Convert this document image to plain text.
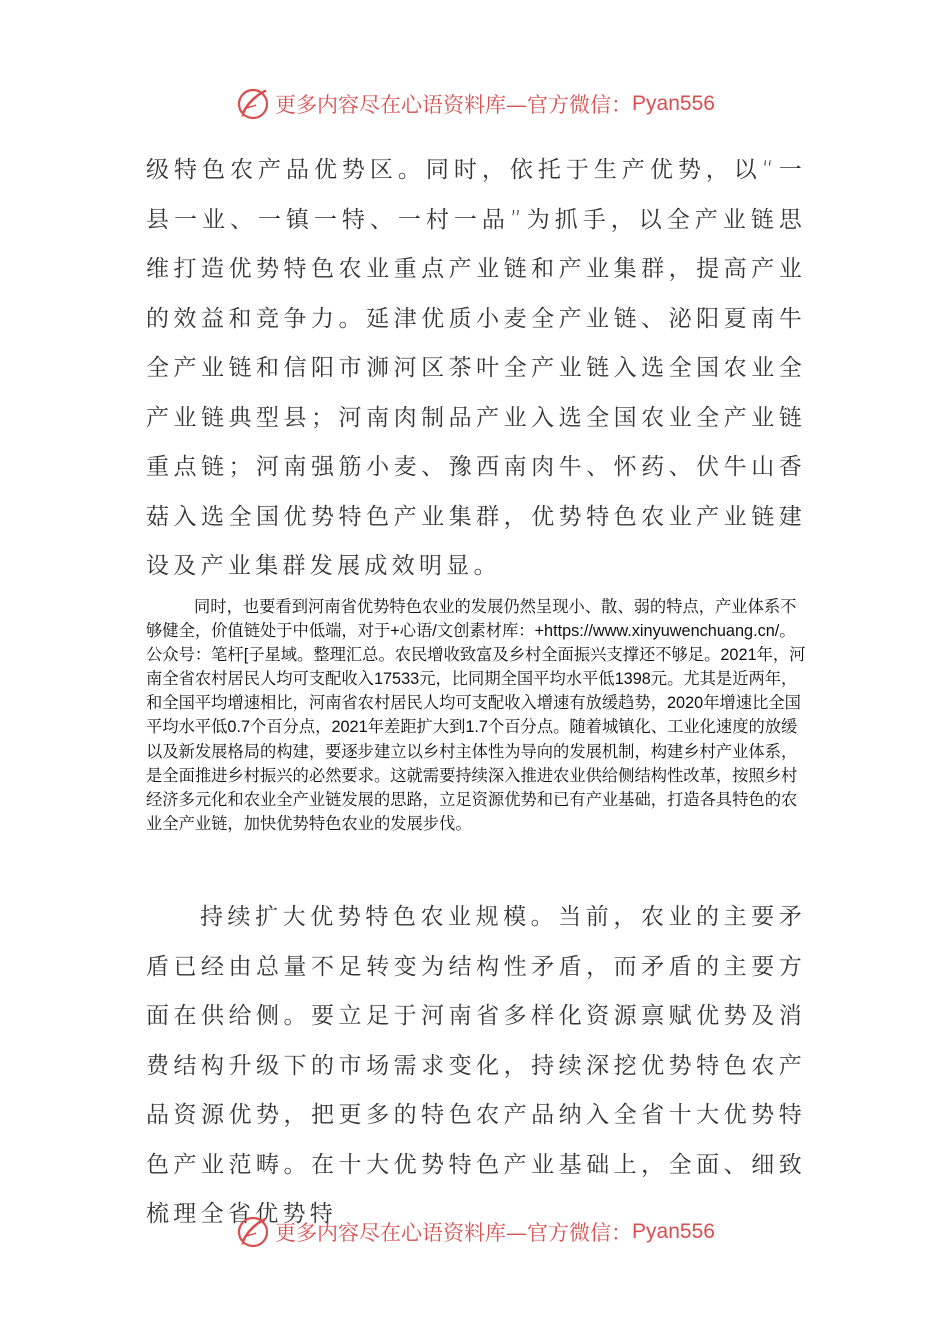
更多内容尽在心语资料库—官方微信： Pyan556

级特色农产品优势区。同时，依托于生产优势，以“一县一业、一镇一特、一村一品”为抓手，以全产业链思维打造优势特色农业重点产业链和产业集群，提高产业的效益和竞争力。延津优质小麦全产业链、泌阳夏南牛全产业链和信阳市浉河区茶叶全产业链入选全国农业全产业链典型县；河南肉制品产业入选全国农业全产业链重点链；河南强筋小麦、豫西南肉牛、怀药、伏牛山香菇入选全国优势特色产业集群，优势特色农业产业链建设及产业集群发展成效明显。

同时，也要看到河南省优势特色农业的发展仍然呈现小、散、弱的特点，产业体系不够健全，价值链处于中低端，对于+心语/文创素材库：+https://www.xinyuwenchuang.cn/。公众号：笔杆[子星域。整理汇总。农民增收致富及乡村全面振兴支撑还不够足。2021年，河南全省农村居民人均可支配收入17533元，比同期全国平均水平低1398元。尤其是近两年，和全国平均增速相比，河南省农村居民人均可支配收入增速有放缓趋势，2020年增速比全国平均水平低0.7个百分点，2021年差距扩大到1.7个百分点。随着城镇化、工业化速度的放缓以及新发展格局的构建，要逐步建立以乡村主体性为导向的发展机制，构建乡村产业体系，是全面推进乡村振兴的必然要求。这就需要持续深入推进农业供给侧结构性改革，按照乡村经济多元化和农业全产业链发展的思路，立足资源优势和已有产业基础，打造各具特色的农业全产业链，加快优势特色农业的发展步伐。

持续扩大优势特色农业规模。当前，农业的主要矛盾已经由总量不足转变为结构性矛盾，而矛盾的主要方面在供给侧。要立足于河南省多样化资源禀赋优势及消费结构升级下的市场需求变化，持续深挖优势特色农产品资源优势，把更多的特色农产品纳入全省十大优势特色产业范畴。在十大优势特色产业基础上，全面、细致梳理全省优势特

更多内容尽在心语资料库—官方微信： Pyan556
